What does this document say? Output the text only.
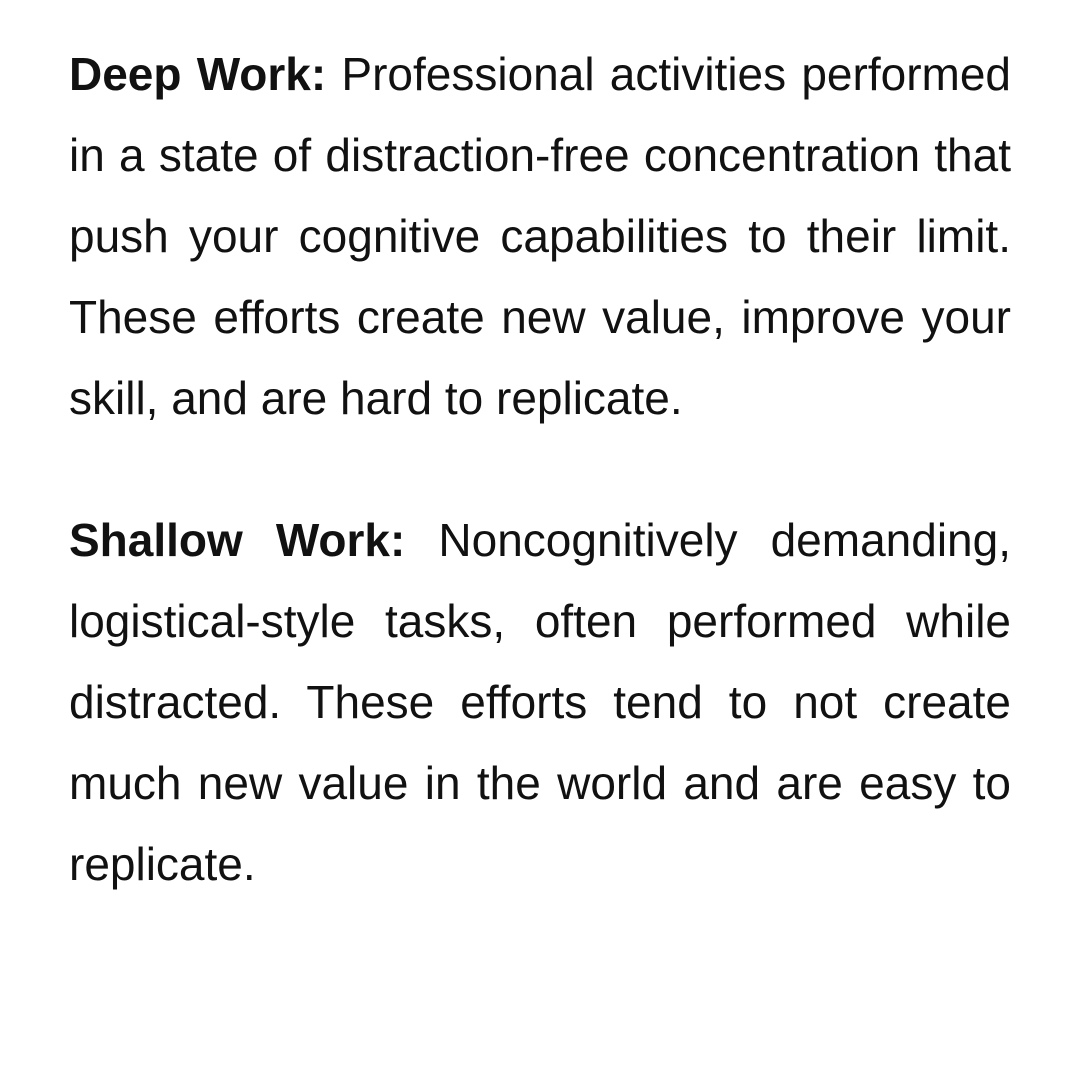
Deep Work: Professional activities performed in a state of distraction-free concentration that push your cognitive capabilities to their limit. These efforts create new value, improve your skill, and are hard to replicate.

Shallow Work: Noncognitively demanding, logistical-style tasks, often performed while distracted. These efforts tend to not create much new value in the world and are easy to replicate.
